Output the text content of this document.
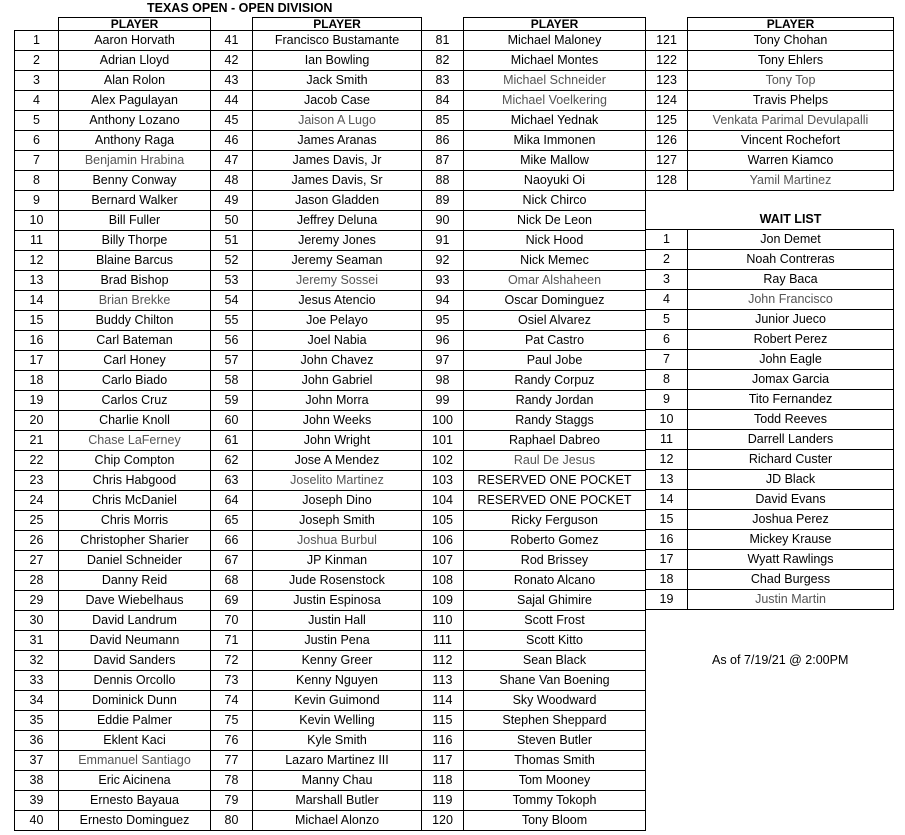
TEXAS OPEN - OPEN DIVISION
	PLAYER
1	Aaron Horvath
2	Adrian Lloyd
3	Alan Rolon
4	Alex Pagulayan
5	Anthony Lozano
6	Anthony Raga
7	Benjamin Hrabina
8	Benny Conway
9	Bernard Walker
10	Bill Fuller
11	Billy Thorpe
12	Blaine Barcus
13	Brad Bishop
14	Brian Brekke
15	Buddy Chilton
16	Carl Bateman
17	Carl Honey
18	Carlo Biado
19	Carlos Cruz
20	Charlie Knoll
21	Chase LaFerney
22	Chip Compton
23	Chris Habgood
24	Chris McDaniel
25	Chris Morris
26	Christopher Sharier
27	Daniel Schneider
28	Danny Reid
29	Dave Wiebelhaus
30	David Landrum
31	David Neumann
32	David Sanders
33	Dennis Orcollo
34	Dominick Dunn
35	Eddie Palmer
36	Eklent Kaci
37	Emmanuel Santiago
38	Eric Aicinena
39	Ernesto Bayaua
40	Ernesto Dominguez
	PLAYER
41	Francisco Bustamante
42	Ian Bowling
43	Jack Smith
44	Jacob Case
45	Jaison A Lugo
46	James Aranas
47	James Davis, Jr
48	James Davis, Sr
49	Jason Gladden
50	Jeffrey Deluna
51	Jeremy Jones
52	Jeremy Seaman
53	Jeremy Sossei
54	Jesus Atencio
55	Joe Pelayo
56	Joel Nabia
57	John Chavez
58	John Gabriel
59	John Morra
60	John Weeks
61	John Wright
62	Jose A Mendez
63	Joselito Martinez
64	Joseph Dino
65	Joseph Smith
66	Joshua Burbul
67	JP Kinman
68	Jude Rosenstock
69	Justin Espinosa
70	Justin Hall
71	Justin Pena
72	Kenny Greer
73	Kenny Nguyen
74	Kevin Guimond
75	Kevin Welling
76	Kyle Smith
77	Lazaro Martinez III
78	Manny Chau
79	Marshall Butler
80	Michael Alonzo
	PLAYER
81	Michael Maloney
82	Michael Montes
83	Michael Schneider
84	Michael Voelkering
85	Michael Yednak
86	Mika Immonen
87	Mike Mallow
88	Naoyuki Oi
89	Nick Chirco
90	Nick De Leon
91	Nick Hood
92	Nick Memec
93	Omar Alshaheen
94	Oscar Dominguez
95	Osiel Alvarez
96	Pat Castro
97	Paul Jobe
98	Randy Corpuz
99	Randy Jordan
100	Randy Staggs
101	Raphael Dabreo
102	Raul De Jesus
103	RESERVED ONE POCKET
104	RESERVED ONE POCKET
105	Ricky Ferguson
106	Roberto Gomez
107	Rod Brissey
108	Ronato Alcano
109	Sajal Ghimire
110	Scott Frost
111	Scott Kitto
112	Sean Black
113	Shane Van Boening
114	Sky Woodward
115	Stephen Sheppard
116	Steven Butler
117	Thomas Smith
118	Tom Mooney
119	Tommy Tokoph
120	Tony Bloom
	PLAYER
121	Tony Chohan
122	Tony Ehlers
123	Tony Top
124	Travis Phelps
125	Venkata Parimal Devulapalli
126	Vincent Rochefort
127	Warren Kiamco
128	Yamil Martinez

	WAIT LIST
1	Jon Demet
2	Noah Contreras
3	Ray Baca
4	John Francisco
5	Junior Jueco
6	Robert Perez
7	John Eagle
8	Jomax Garcia
9	Tito Fernandez
10	Todd Reeves
11	Darrell Landers
12	Richard Custer
13	JD Black
14	David Evans
15	Joshua Perez
16	Mickey Krause
17	Wyatt Rawlings
18	Chad Burgess
19	Justin Martin
As of 7/19/21 @ 2:00PM
